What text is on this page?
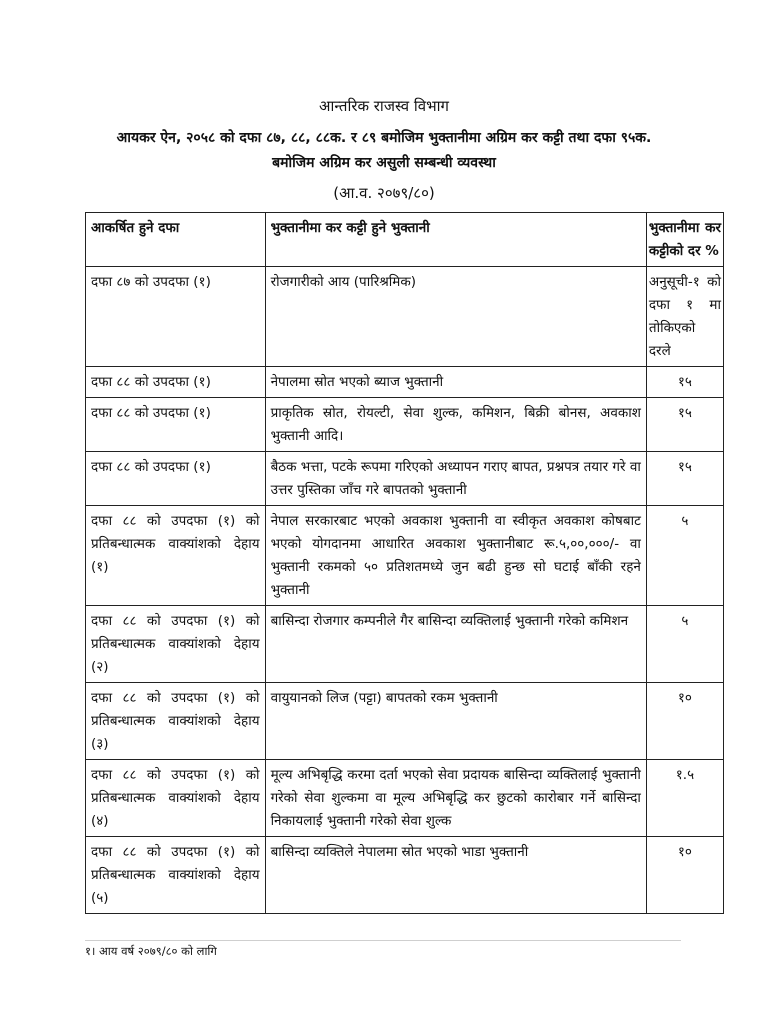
आन्तरिक राजस्व विभाग
आयकर ऐन, २०५८ को दफा ८७, ८८, ८८क. र ८९ बमोजिम भुक्तानीमा अग्रिम कर कट्टी तथा दफा ९५क.
बमोजिम अग्रिम कर असुली सम्बन्धी व्यवस्था
(आ.व. २०७९/८०)
आकर्षित हुने दफा	भुक्तानीमा कर कट्टी हुने भुक्तानी	भुक्तानीमा कर कट्टीको दर %
दफा ८७ को उपदफा (१)	रोजगारीको आय (पारिश्रमिक)	अनुसूची-१ को दफा १ मा तोकिएको दरले
दफा ८८ को उपदफा (१)	नेपालमा स्रोत भएको ब्याज भुक्तानी	१५
दफा ८८ को उपदफा (१)	प्राकृतिक स्रोत, रोयल्टी, सेवा शुल्क, कमिशन, बिक्री बोनस, अवकाश भुक्तानी आदि।	१५
दफा ८८ को उपदफा (१)	बैठक भत्ता, पटके रूपमा गरिएको अध्यापन गराए बापत, प्रश्नपत्र तयार गरे वा उत्तर पुस्तिका जाँच गरे बापतको भुक्तानी	१५
दफा ८८ को उपदफा (१) को प्रतिबन्धात्मक वाक्यांशको देहाय (१)	नेपाल सरकारबाट भएको अवकाश भुक्तानी वा स्वीकृत अवकाश कोषबाट भएको योगदानमा आधारित अवकाश भुक्तानीबाट रू.५,००,०००/- वा भुक्तानी रकमको ५० प्रतिशतमध्ये जुन बढी हुन्छ सो घटाई बाँकी रहने भुक्तानी	५
दफा ८८ को उपदफा (१) को प्रतिबन्धात्मक वाक्यांशको देहाय (२)	बासिन्दा रोजगार कम्पनीले गैर बासिन्दा व्यक्तिलाई भुक्तानी गरेको कमिशन	५
दफा ८८ को उपदफा (१) को प्रतिबन्धात्मक वाक्यांशको देहाय (३)	वायुयानको लिज (पट्टा) बापतको रकम भुक्तानी	१०
दफा ८८ को उपदफा (१) को प्रतिबन्धात्मक वाक्यांशको देहाय (४)	मूल्य अभिबृद्धि करमा दर्ता भएको सेवा प्रदायक बासिन्दा व्यक्तिलाई भुक्तानी गरेको सेवा शुल्कमा वा मूल्य अभिबृद्धि कर छुटको कारोबार गर्ने बासिन्दा निकायलाई भुक्तानी गरेको सेवा शुल्क	१.५
दफा ८८ को उपदफा (१) को प्रतिबन्धात्मक वाक्यांशको देहाय (५)	बासिन्दा व्यक्तिले नेपालमा स्रोत भएको भाडा भुक्तानी	१०
१। आय वर्ष २०७९/८० को लागि
